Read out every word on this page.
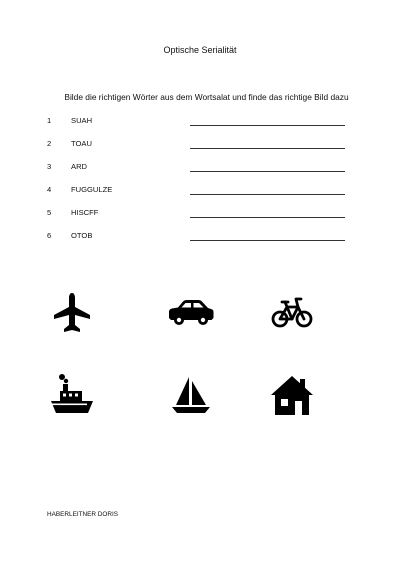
Optische Serialität
Bilde die richtigen Wörter aus dem Wortsalat und finde das richtige Bild dazu
1	SUAH
2	TOAU
3	ARD
4	FUGGULZE
5	HISCFF
6	OTOB
HABERLEITNER DORIS
